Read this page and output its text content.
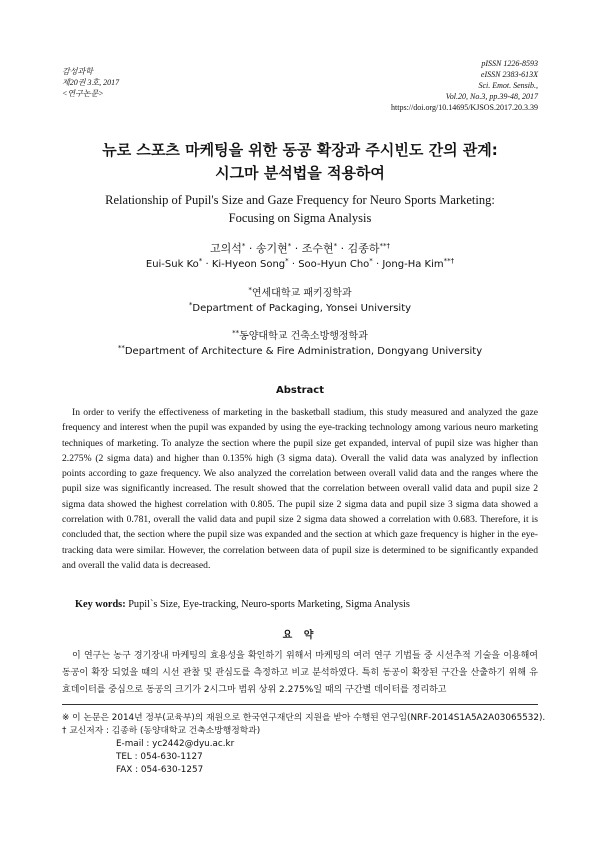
감성과학
제20권 3호, 2017
<연구논문>
pISSN 1226-8593
eISSN 2383-613X
Sci. Emot. Sensib.,
Vol.20, No.3, pp.39-48, 2017
https://doi.org/10.14695/KJSOS.2017.20.3.39
뉴로 스포츠 마케팅을 위한 동공 확장과 주시빈도 간의 관계:
시그마 분석법을 적용하여
Relationship of Pupil's Size and Gaze Frequency for Neuro Sports Marketing:
Focusing on Sigma Analysis
고의석* · 송기현* · 조수현* · 김종하**†
Eui-Suk Ko* · Ki-Hyeon Song* · Soo-Hyun Cho* · Jong-Ha Kim**†
*연세대학교 패키징학과
*Department of Packaging, Yonsei University
**동양대학교 건축소방행정학과
**Department of Architecture & Fire Administration, Dongyang University
Abstract

In order to verify the effectiveness of marketing in the basketball stadium, this study measured and analyzed the gaze frequency and interest when the pupil was expanded by using the eye-tracking technology among various neuro marketing techniques of marketing. To analyze the section where the pupil size get expanded, interval of pupil size was higher than 2.275% (2 sigma data) and higher than 0.135% high (3 sigma data). Overall the valid data was analyzed by inflection points according to gaze frequency. We also analyzed the correlation between overall valid data and the ranges where the pupil size was significantly increased. The result showed that the correlation between overall valid data and pupil size 2 sigma data showed the highest correlation with 0.805. The pupil size 2 sigma data and pupil size 3 sigma data showed a correlation with 0.781, overall the valid data and pupil size 2 sigma data showed a correlation with 0.683. Therefore, it is concluded that, the section where the pupil size was expanded and the section at which gaze frequency is higher in the eye-tracking data were similar. However, the correlation between data of pupil size is determined to be significantly expanded and overall the valid data is decreased.

Key words: Pupil`s Size, Eye-tracking, Neuro-sports Marketing, Sigma Analysis
요 약

이 연구는 농구 경기장내 마케팅의 효용성을 확인하기 위해서 마케팅의 여러 연구 기법들 중 시선추적 기술을 이용해여 동공이 확장 되었을 때의 시선 관찰 및 관심도를 측정하고 비교 분석하였다. 특히 동공이 확장된 구간을 산출하기 위해 유효데이터를 중심으로 동공의 크기가 2시그마 범위 상위 2.275%일 때의 구간별 데이터를 정리하고

※ 이 논문은 2014년 정부(교육부)의 재원으로 한국연구재단의 지원을 받아 수행된 연구임(NRF-2014S1A5A2A03065532).
† 교신저자 : 김종하 (동양대학교 건축소방행정학과)
E-mail : yc2442@dyu.ac.kr
TEL : 054-630-1127
FAX : 054-630-1257
